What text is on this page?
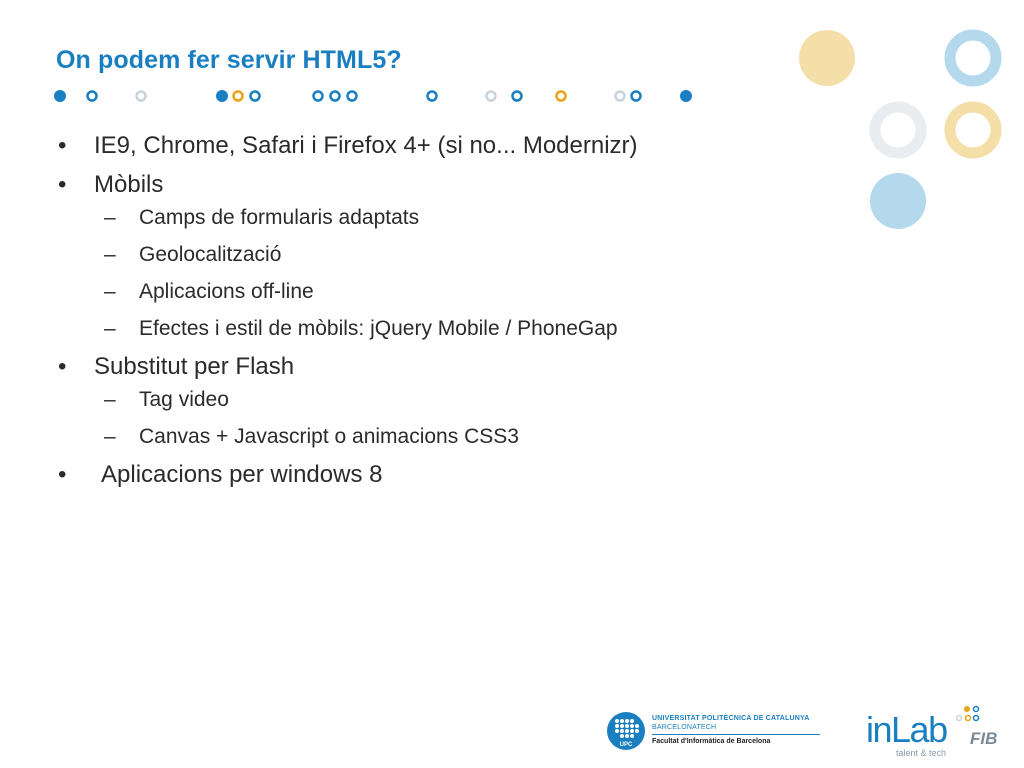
On podem fer servir HTML5?
• IE9, Chrome, Safari i Firefox 4+ (si no... Modernizr)
• Mòbils
– Camps de formularis adaptats
– Geolocalització
– Aplicacions off-line
– Efectes i estil de mòbils: jQuery Mobile / PhoneGap
• Substitut per Flash
– Tag video
– Canvas + Javascript o animacions CSS3
• Aplicacions per windows 8
UPC
UNIVERSITAT POLITÈCNICA DE CATALUNYA
BARCELONATECH
Facultat d'Informàtica de Barcelona	inLab FIB
talent & tech
